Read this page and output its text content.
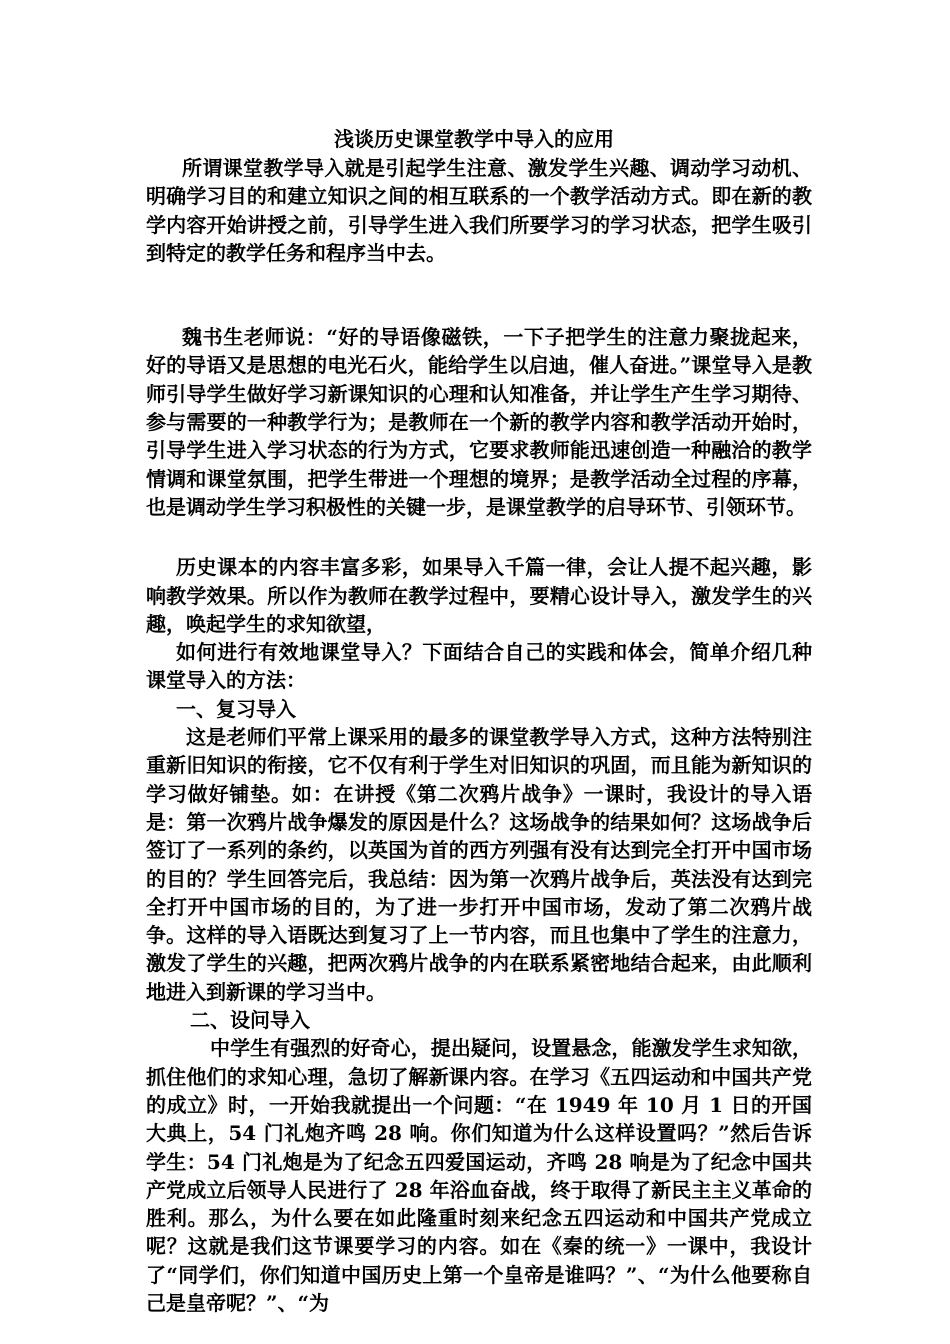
浅谈历史课堂教学中导入的应用

所谓课堂教学导入就是引起学生注意、激发学生兴趣、调动学习动机、明确学习目的和建立知识之间的相互联系的一个教学活动方式。即在新的教学内容开始讲授之前，引导学生进入我们所要学习的学习状态，把学生吸引到特定的教学任务和程序当中去。

魏书生老师说：“好的导语像磁铁，一下子把学生的注意力聚拢起来，好的导语又是思想的电光石火，能给学生以启迪，催人奋进。”课堂导入是教师引导学生做好学习新课知识的心理和认知准备，并让学生产生学习期待、参与需要的一种教学行为；是教师在一个新的教学内容和教学活动开始时，引导学生进入学习状态的行为方式，它要求教师能迅速创造一种融洽的教学情调和课堂氛围，把学生带进一个理想的境界；是教学活动全过程的序幕，也是调动学生学习积极性的关键一步，是课堂教学的启导环节、引领环节。

历史课本的内容丰富多彩，如果导入千篇一律，会让人提不起兴趣，影响教学效果。所以作为教师在教学过程中，要精心设计导入，激发学生的兴趣，唤起学生的求知欲望，

如何进行有效地课堂导入？下面结合自己的实践和体会，简单介绍几种课堂导入的方法：

一、复习导入

这是老师们平常上课采用的最多的课堂教学导入方式，这种方法特别注重新旧知识的衔接，它不仅有利于学生对旧知识的巩固，而且能为新知识的学习做好铺垫。如：在讲授《第二次鸦片战争》一课时，我设计的导入语是：第一次鸦片战争爆发的原因是什么？这场战争的结果如何？这场战争后签订了一系列的条约，以英国为首的西方列强有没有达到完全打开中国市场的目的？学生回答完后，我总结：因为第一次鸦片战争后，英法没有达到完全打开中国市场的目的，为了进一步打开中国市场，发动了第二次鸦片战争。这样的导入语既达到复习了上一节内容，而且也集中了学生的注意力，激发了学生的兴趣，把两次鸦片战争的内在联系紧密地结合起来，由此顺利地进入到新课的学习当中。

二、设问导入

中学生有强烈的好奇心，提出疑问，设置悬念，能激发学生求知欲，抓住他们的求知心理，急切了解新课内容。在学习《五四运动和中国共产党的成立》时，一开始我就提出一个问题：“在 1949 年 10 月 1 日的开国大典上，54 门礼炮齐鸣 28 响。你们知道为什么这样设置吗？”然后告诉学生：54 门礼炮是为了纪念五四爱国运动，齐鸣 28 响是为了纪念中国共产党成立后领导人民进行了 28 年浴血奋战，终于取得了新民主主义革命的胜利。那么，为什么要在如此隆重时刻来纪念五四运动和中国共产党成立呢？这就是我们这节课要学习的内容。如在《秦的统一》一课中，我设计了“同学们，你们知道中国历史上第一个皇帝是谁吗？”、“为什么他要称自己是皇帝呢？”、“为
